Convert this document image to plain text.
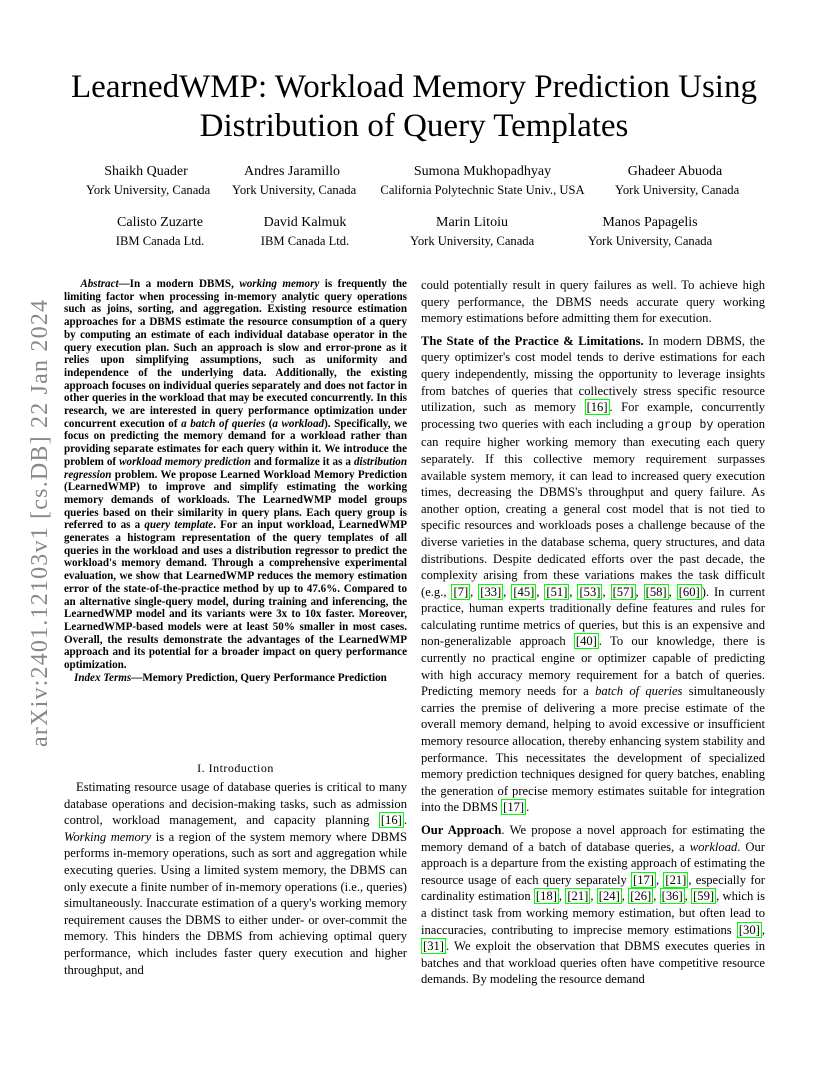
arXiv:2401.12103v1 [cs.DB] 22 Jan 2024
LearnedWMP: Workload Memory Prediction Using
Distribution of Query Templates
Shaikh Quader
York University, Canada
Andres Jaramillo
York University, Canada
Sumona Mukhopadhyay
California Polytechnic State Univ., USA
Ghadeer Abuoda
York University, Canada
Calisto Zuzarte
IBM Canada Ltd.
David Kalmuk
IBM Canada Ltd.
Marin Litoiu
York University, Canada
Manos Papagelis
York University, Canada

Abstract—In a modern DBMS, working memory is frequently the limiting factor when processing in-memory analytic query operations such as joins, sorting, and aggregation. Existing resource estimation approaches for a DBMS estimate the resource consumption of a query by computing an estimate of each individual database operator in the query execution plan. Such an approach is slow and error-prone as it relies upon simplifying assumptions, such as uniformity and independence of the underlying data. Additionally, the existing approach focuses on individual queries separately and does not factor in other queries in the workload that may be executed concurrently. In this research, we are interested in query performance optimization under concurrent execution of a batch of queries (a workload). Specifically, we focus on predicting the memory demand for a workload rather than providing separate estimates for each query within it. We introduce the problem of workload memory prediction and formalize it as a distribution regression problem. We propose Learned Workload Memory Prediction (LearnedWMP) to improve and simplify estimating the working memory demands of workloads. The LearnedWMP model groups queries based on their similarity in query plans. Each query group is referred to as a query template. For an input workload, LearnedWMP generates a histogram representation of the query templates of all queries in the workload and uses a distribution regressor to predict the workload's memory demand. Through a comprehensive experimental evaluation, we show that LearnedWMP reduces the memory estimation error of the state-of-the-practice method by up to 47.6%. Compared to an alternative single-query model, during training and inferencing, the LearnedWMP model and its variants were 3x to 10x faster. Moreover, LearnedWMP-based models were at least 50% smaller in most cases. Overall, the results demonstrate the advantages of the LearnedWMP approach and its potential for a broader impact on query performance optimization.

Index Terms—Memory Prediction, Query Performance Prediction

I. Introduction

Estimating resource usage of database queries is critical to many database operations and decision-making tasks, such as admission control, workload management, and capacity planning [16] . Working memory is a region of the system memory where DBMS performs in-memory operations, such as sort and aggregation while executing queries. Using a limited system memory, the DBMS can only execute a finite number of in-memory operations (i.e., queries) simultaneously. Inaccurate estimation of a query's working memory requirement causes the DBMS to either under- or over-commit the memory. This hinders the DBMS from achieving optimal query performance, which includes faster query execution and higher throughput, and

could potentially result in query failures as well. To achieve high query performance, the DBMS needs accurate query working memory estimations before admitting them for execution.

The State of the Practice & Limitations. In modern DBMS, the query optimizer's cost model tends to derive estimations for each query independently, missing the opportunity to leverage insights from batches of queries that collectively stress specific resource utilization, such as memory [16] . For example, concurrently processing two queries with each including a group by operation can require higher working memory than executing each query separately. If this collective memory requirement surpasses available system memory, it can lead to increased query execution times, decreasing the DBMS's throughput and query failure. As another option, creating a general cost model that is not tied to specific resources and workloads poses a challenge because of the diverse varieties in the database schema, query structures, and data distributions. Despite dedicated efforts over the past decade, the complexity arising from these variations makes the task difficult (e.g., [7] , [33] , [45] , [51] , [53] , [57] , [58] , [60] ). In current practice, human experts traditionally define features and rules for calculating runtime metrics of queries, but this is an expensive and non-generalizable approach [40] . To our knowledge, there is currently no practical engine or optimizer capable of predicting with high accuracy memory requirement for a batch of queries. Predicting memory needs for a batch of queries simultaneously carries the premise of delivering a more precise estimate of the overall memory demand, helping to avoid excessive or insufficient memory resource allocation, thereby enhancing system stability and performance. This necessitates the development of specialized memory prediction techniques designed for query batches, enabling the generation of precise memory estimates suitable for integration into the DBMS [17] .

Our Approach. We propose a novel approach for estimating the memory demand of a batch of database queries, a workload. Our approach is a departure from the existing approach of estimating the resource usage of each query separately [17] , [21] , especially for cardinality estimation [18] , [21] , [24] , [26] , [36] , [59] , which is a distinct task from working memory estimation, but often lead to inaccuracies, contributing to imprecise memory estimations [30] , [31] . We exploit the observation that DBMS executes queries in batches and that workload queries often have competitive resource demands. By modeling the resource demand
